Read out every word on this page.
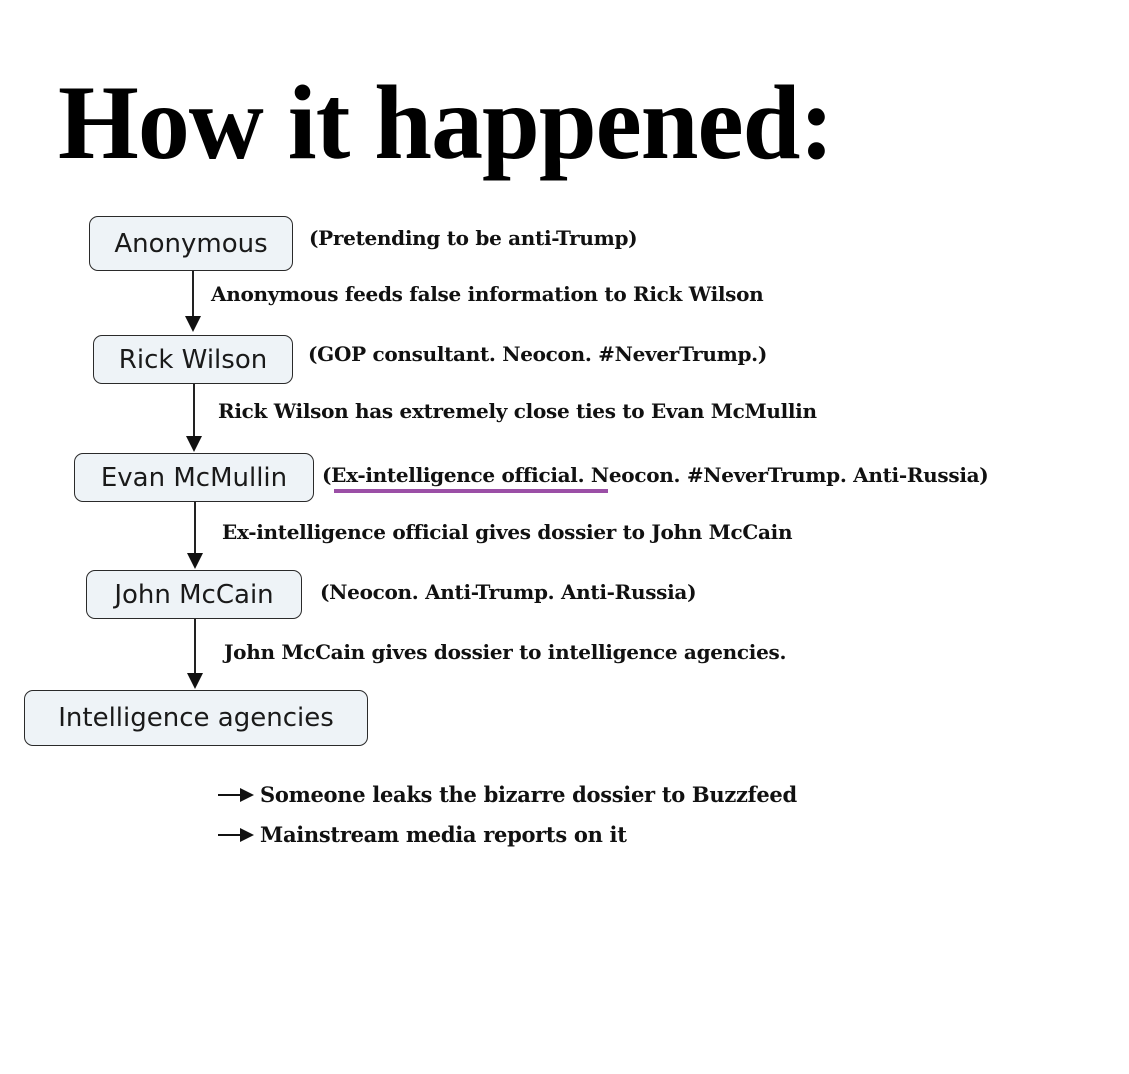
How it happened:
Anonymous (Pretending to be anti-Trump)
Anonymous feeds false information to Rick Wilson
Rick Wilson (GOP consultant. Neocon. #NeverTrump.)
Rick Wilson has extremely close ties to Evan McMullin
Evan McMullin (Ex-intelligence official. Neocon. #NeverTrump. Anti-Russia)
Ex-intelligence official gives dossier to John McCain
John McCain (Neocon. Anti-Trump. Anti-Russia)
John McCain gives dossier to intelligence agencies.
Intelligence agencies
Someone leaks the bizarre dossier to Buzzfeed
Mainstream media reports on it
